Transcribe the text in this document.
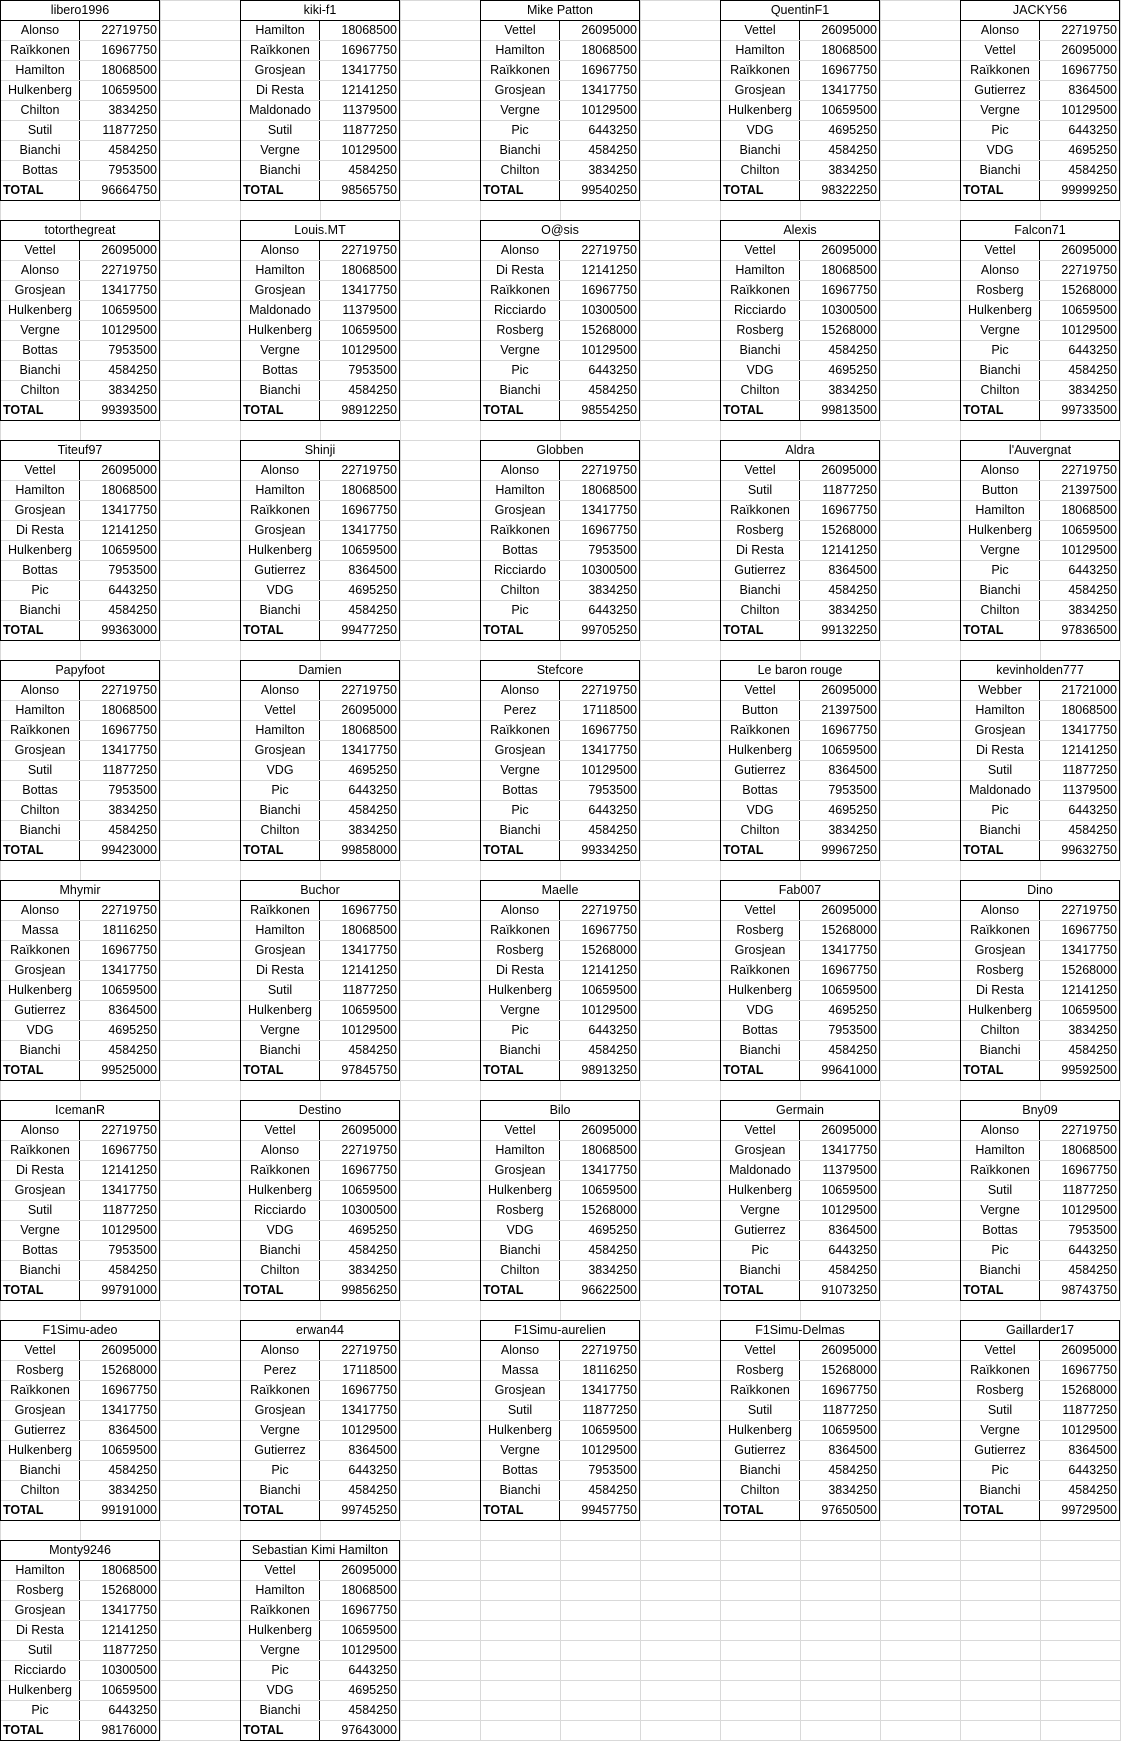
libero1996
Alonso	22719750
Raïkkonen	16967750
Hamilton	18068500
Hulkenberg	10659500
Chilton	3834250
Sutil	11877250
Bianchi	4584250
Bottas	7953500
TOTAL	96664750
kiki-f1
Hamilton	18068500
Raïkkonen	16967750
Grosjean	13417750
Di Resta	12141250
Maldonado	11379500
Sutil	11877250
Vergne	10129500
Bianchi	4584250
TOTAL	98565750
Mike Patton
Vettel	26095000
Hamilton	18068500
Raïkkonen	16967750
Grosjean	13417750
Vergne	10129500
Pic	6443250
Bianchi	4584250
Chilton	3834250
TOTAL	99540250
QuentinF1
Vettel	26095000
Hamilton	18068500
Raïkkonen	16967750
Grosjean	13417750
Hulkenberg	10659500
VDG	4695250
Bianchi	4584250
Chilton	3834250
TOTAL	98322250
JACKY56
Alonso	22719750
Vettel	26095000
Raïkkonen	16967750
Gutierrez	8364500
Vergne	10129500
Pic	6443250
VDG	4695250
Bianchi	4584250
TOTAL	99999250
totorthegreat
Vettel	26095000
Alonso	22719750
Grosjean	13417750
Hulkenberg	10659500
Vergne	10129500
Bottas	7953500
Bianchi	4584250
Chilton	3834250
TOTAL	99393500
Louis.MT
Alonso	22719750
Hamilton	18068500
Grosjean	13417750
Maldonado	11379500
Hulkenberg	10659500
Vergne	10129500
Bottas	7953500
Bianchi	4584250
TOTAL	98912250
O@sis
Alonso	22719750
Di Resta	12141250
Raïkkonen	16967750
Ricciardo	10300500
Rosberg	15268000
Vergne	10129500
Pic	6443250
Bianchi	4584250
TOTAL	98554250
Alexis
Vettel	26095000
Hamilton	18068500
Raïkkonen	16967750
Ricciardo	10300500
Rosberg	15268000
Bianchi	4584250
VDG	4695250
Chilton	3834250
TOTAL	99813500
Falcon71
Vettel	26095000
Alonso	22719750
Rosberg	15268000
Hulkenberg	10659500
Vergne	10129500
Pic	6443250
Bianchi	4584250
Chilton	3834250
TOTAL	99733500
Titeuf97
Vettel	26095000
Hamilton	18068500
Grosjean	13417750
Di Resta	12141250
Hulkenberg	10659500
Bottas	7953500
Pic	6443250
Bianchi	4584250
TOTAL	99363000
Shinji
Alonso	22719750
Hamilton	18068500
Raïkkonen	16967750
Grosjean	13417750
Hulkenberg	10659500
Gutierrez	8364500
VDG	4695250
Bianchi	4584250
TOTAL	99477250
Globben
Alonso	22719750
Hamilton	18068500
Grosjean	13417750
Raïkkonen	16967750
Bottas	7953500
Ricciardo	10300500
Chilton	3834250
Pic	6443250
TOTAL	99705250
Aldra
Vettel	26095000
Sutil	11877250
Raïkkonen	16967750
Rosberg	15268000
Di Resta	12141250
Gutierrez	8364500
Bianchi	4584250
Chilton	3834250
TOTAL	99132250
l'Auvergnat
Alonso	22719750
Button	21397500
Hamilton	18068500
Hulkenberg	10659500
Vergne	10129500
Pic	6443250
Bianchi	4584250
Chilton	3834250
TOTAL	97836500
Papyfoot
Alonso	22719750
Hamilton	18068500
Raïkkonen	16967750
Grosjean	13417750
Sutil	11877250
Bottas	7953500
Chilton	3834250
Bianchi	4584250
TOTAL	99423000
Damien
Alonso	22719750
Vettel	26095000
Hamilton	18068500
Grosjean	13417750
VDG	4695250
Pic	6443250
Bianchi	4584250
Chilton	3834250
TOTAL	99858000
Stefcore
Alonso	22719750
Perez	17118500
Raïkkonen	16967750
Grosjean	13417750
Vergne	10129500
Bottas	7953500
Pic	6443250
Bianchi	4584250
TOTAL	99334250
Le baron rouge
Vettel	26095000
Button	21397500
Raïkkonen	16967750
Hulkenberg	10659500
Gutierrez	8364500
Bottas	7953500
VDG	4695250
Chilton	3834250
TOTAL	99967250
kevinholden777
Webber	21721000
Hamilton	18068500
Grosjean	13417750
Di Resta	12141250
Sutil	11877250
Maldonado	11379500
Pic	6443250
Bianchi	4584250
TOTAL	99632750
Mhymir
Alonso	22719750
Massa	18116250
Raïkkonen	16967750
Grosjean	13417750
Hulkenberg	10659500
Gutierrez	8364500
VDG	4695250
Bianchi	4584250
TOTAL	99525000
Buchor
Raïkkonen	16967750
Hamilton	18068500
Grosjean	13417750
Di Resta	12141250
Sutil	11877250
Hulkenberg	10659500
Vergne	10129500
Bianchi	4584250
TOTAL	97845750
Maelle
Alonso	22719750
Raïkkonen	16967750
Rosberg	15268000
Di Resta	12141250
Hulkenberg	10659500
Vergne	10129500
Pic	6443250
Bianchi	4584250
TOTAL	98913250
Fab007
Vettel	26095000
Rosberg	15268000
Grosjean	13417750
Raïkkonen	16967750
Hulkenberg	10659500
VDG	4695250
Bottas	7953500
Bianchi	4584250
TOTAL	99641000
Dino
Alonso	22719750
Raïkkonen	16967750
Grosjean	13417750
Rosberg	15268000
Di Resta	12141250
Hulkenberg	10659500
Chilton	3834250
Bianchi	4584250
TOTAL	99592500
IcemanR
Alonso	22719750
Raïkkonen	16967750
Di Resta	12141250
Grosjean	13417750
Sutil	11877250
Vergne	10129500
Bottas	7953500
Bianchi	4584250
TOTAL	99791000
Destino
Vettel	26095000
Alonso	22719750
Raïkkonen	16967750
Hulkenberg	10659500
Ricciardo	10300500
VDG	4695250
Bianchi	4584250
Chilton	3834250
TOTAL	99856250
Bilo
Vettel	26095000
Hamilton	18068500
Grosjean	13417750
Hulkenberg	10659500
Rosberg	15268000
VDG	4695250
Bianchi	4584250
Chilton	3834250
TOTAL	96622500
Germain
Vettel	26095000
Grosjean	13417750
Maldonado	11379500
Hulkenberg	10659500
Vergne	10129500
Gutierrez	8364500
Pic	6443250
Bianchi	4584250
TOTAL	91073250
Bny09
Alonso	22719750
Hamilton	18068500
Raïkkonen	16967750
Sutil	11877250
Vergne	10129500
Bottas	7953500
Pic	6443250
Bianchi	4584250
TOTAL	98743750
F1Simu-adeo
Vettel	26095000
Rosberg	15268000
Raïkkonen	16967750
Grosjean	13417750
Gutierrez	8364500
Hulkenberg	10659500
Bianchi	4584250
Chilton	3834250
TOTAL	99191000
erwan44
Alonso	22719750
Perez	17118500
Raïkkonen	16967750
Grosjean	13417750
Vergne	10129500
Gutierrez	8364500
Pic	6443250
Bianchi	4584250
TOTAL	99745250
F1Simu-aurelien
Alonso	22719750
Massa	18116250
Grosjean	13417750
Sutil	11877250
Hulkenberg	10659500
Vergne	10129500
Bottas	7953500
Bianchi	4584250
TOTAL	99457750
F1Simu-Delmas
Vettel	26095000
Rosberg	15268000
Raïkkonen	16967750
Sutil	11877250
Hulkenberg	10659500
Gutierrez	8364500
Bianchi	4584250
Chilton	3834250
TOTAL	97650500
Gaillarder17
Vettel	26095000
Raïkkonen	16967750
Rosberg	15268000
Sutil	11877250
Vergne	10129500
Gutierrez	8364500
Pic	6443250
Bianchi	4584250
TOTAL	99729500
Monty9246
Hamilton	18068500
Rosberg	15268000
Grosjean	13417750
Di Resta	12141250
Sutil	11877250
Ricciardo	10300500
Hulkenberg	10659500
Pic	6443250
TOTAL	98176000
Sebastian Kimi Hamilton
Vettel	26095000
Hamilton	18068500
Raïkkonen	16967750
Hulkenberg	10659500
Vergne	10129500
Pic	6443250
VDG	4695250
Bianchi	4584250
TOTAL	97643000
